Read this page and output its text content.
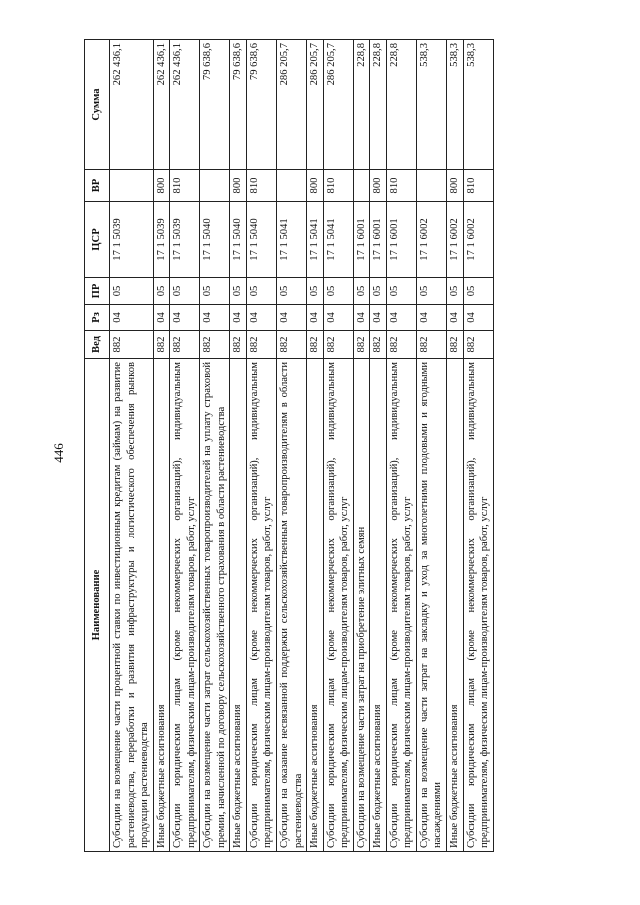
446
Наименование	Вед	Рз	ПР	ЦСР	ВР	Сумма
Субсидии на возмещение части процентной ставки по инвестиционным кредитам (займам) на развитие растениеводства, переработки и развития инфраструктуры и логистического обеспечения рынков продукции растениеводства	882	04	05	17 1 5039		262 436,1
Иные бюджетные ассигнования	882	04	05	17 1 5039	800	262 436,1
Субсидии юридическим лицам (кроме некоммерческих организаций), индивидуальным предпринимателям, физическим лицам-производителям товаров, работ, услуг	882	04	05	17 1 5039	810	262 436,1
Субсидии на возмещение части затрат сельскохозяйственных товаропроизводителей на уплату страховой премии, начисленной по договору сельскохозяйственного страхования в области растениеводства	882	04	05	17 1 5040		79 638,6
Иные бюджетные ассигнования	882	04	05	17 1 5040	800	79 638,6
Субсидии юридическим лицам (кроме некоммерческих организаций), индивидуальным предпринимателям, физическим лицам-производителям товаров, работ, услуг	882	04	05	17 1 5040	810	79 638,6
Субсидии на оказание несвязанной поддержки сельскохозяйственным товаропроизводителям в области растениеводства	882	04	05	17 1 5041		286 205,7
Иные бюджетные ассигнования	882	04	05	17 1 5041	800	286 205,7
Субсидии юридическим лицам (кроме некоммерческих организаций), индивидуальным предпринимателям, физическим лицам-производителям товаров, работ, услуг	882	04	05	17 1 5041	810	286 205,7
Субсидии на возмещение части затрат на приобретение элитных семян	882	04	05	17 1 6001		228,8
Иные бюджетные ассигнования	882	04	05	17 1 6001	800	228,8
Субсидии юридическим лицам (кроме некоммерческих организаций), индивидуальным предпринимателям, физическим лицам-производителям товаров, работ, услуг	882	04	05	17 1 6001	810	228,8
Субсидии на возмещение части затрат на закладку и уход за многолетними плодовыми и ягодными насаждениями	882	04	05	17 1 6002		538,3
Иные бюджетные ассигнования	882	04	05	17 1 6002	800	538,3
Субсидии юридическим лицам (кроме некоммерческих организаций), индивидуальным предпринимателям, физическим лицам-производителям товаров, работ, услуг	882	04	05	17 1 6002	810	538,3
